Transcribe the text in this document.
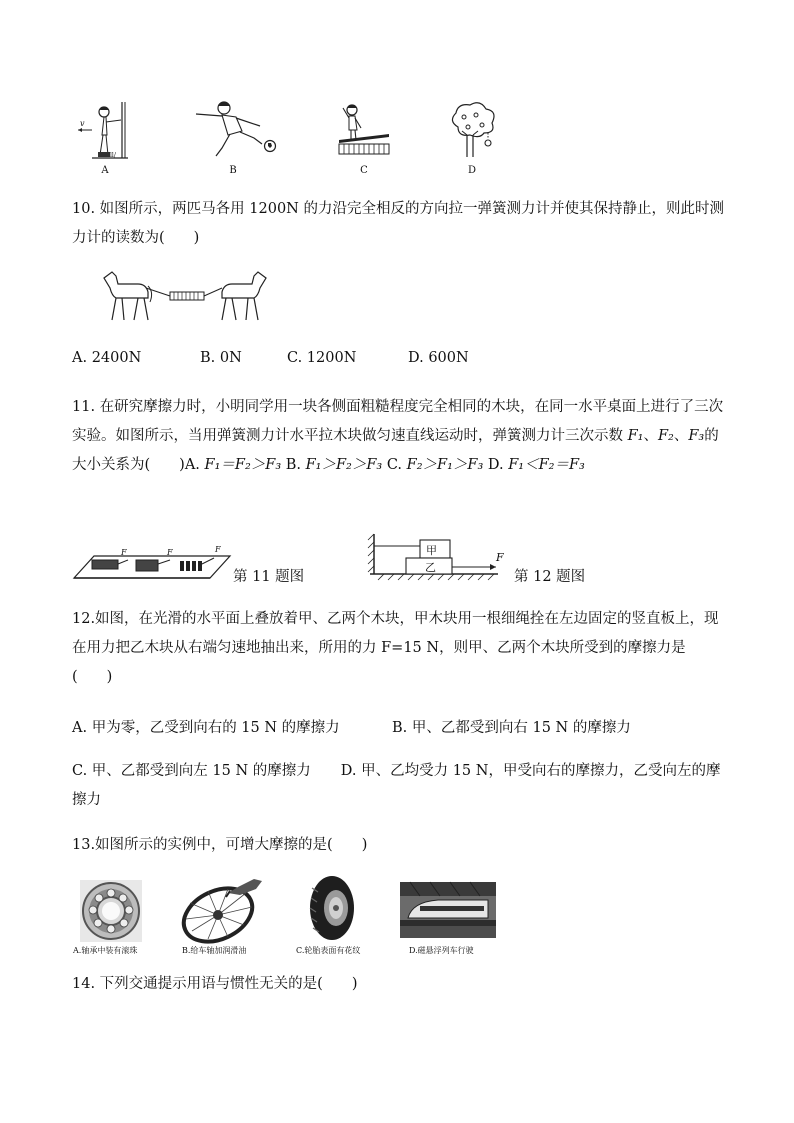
v
ll/
A	B	C	D
10. 如图所示，两匹马各用 1200N 的力沿完全相反的方向拉一弹簧测力计并使其保持静止，则此时测力计的读数为(　　)
A. 2400N	B. 0N	C. 1200N	D. 600N
11. 在研究摩擦力时，小明同学用一块各侧面粗糙程度完全相同的木块，在同一水平桌面上进行了三次实验。如图所示，当用弹簧测力计水平拉木块做匀速直线运动时，弹簧测力计三次示数 F₁、F₂、F₃的大小关系为(　　)A. F₁＝F₂＞F₃ B. F₁＞F₂＞F₃ C. F₂＞F₁＞F₃ D. F₁＜F₂＝F₃
F	F	F
第 11 题图
甲
乙
F
第 12 题图
12.如图，在光滑的水平面上叠放着甲、乙两个木块，甲木块用一根细绳拴在左边固定的竖直板上，现在用力把乙木块从右端匀速地抽出来，所用的力 F=15 N，则甲、乙两个木块所受到的摩擦力是(　　)
A. 甲为零，乙受到向右的 15 N 的摩擦力	B. 甲、乙都受到向右 15 N 的摩擦力
C. 甲、乙都受到向左 15 N 的摩擦力 D. 甲、乙均受力 15 N，甲受向右的摩擦力，乙受向左的摩擦力
13.如图所示的实例中，可增大摩擦的是(　　)
A.轴承中装有滚珠	B.给车轴加润滑油	C.轮胎表面有花纹	D.磁悬浮列车行驶
14. 下列交通提示用语与惯性无关的是(　　)
